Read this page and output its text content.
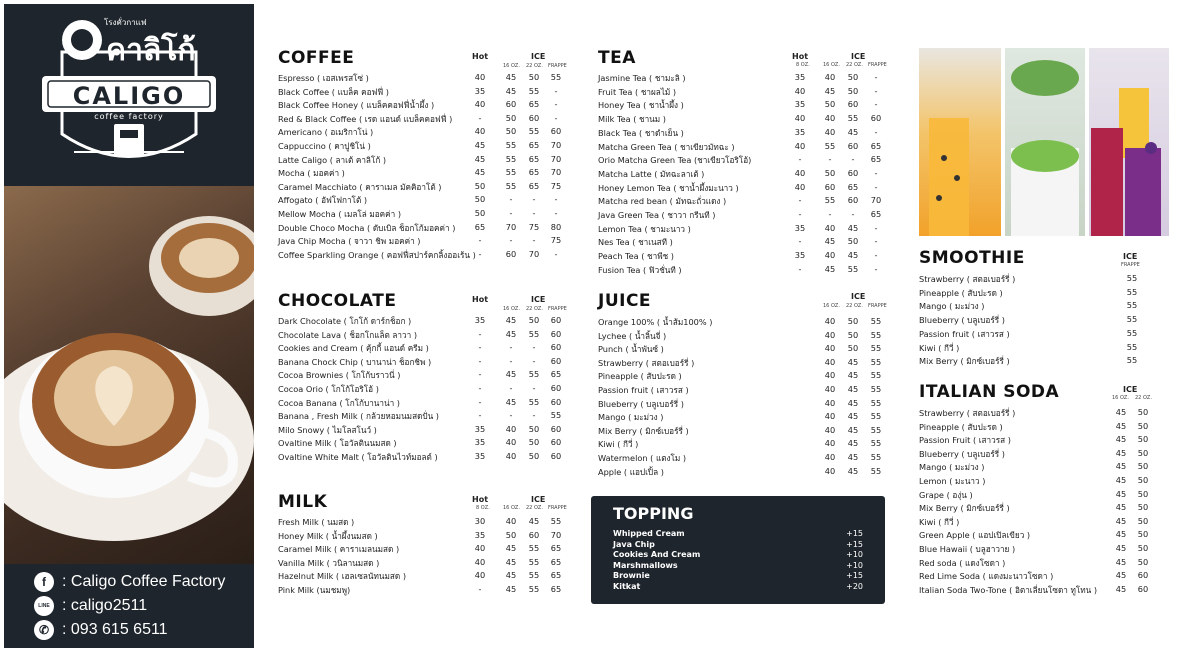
โรงคั่วกาแฟ
คาลิโก้
CALIGO
coffee factory
f	: Caligo Coffee Factory
LINE : caligo2511
✆ : 093 615 6511
COFFEE	Hot	ICE
16 OZ. 22 OZ. FRAPPE
Espresso ( เอสเพรสโซ่ )	40	45	50	55
Black Coffee ( แบล็ค คอฟฟี่ )	35	45	55	-
Black Coffee Honey ( แบล็คคอฟฟี่น้ำผึ้ง )	40	60	65	-
Red & Black Coffee ( เรด แอนด์ แบล็คคอฟฟี่ )	-	50	60	-
Americano ( อเมริกาโน่ )	40	50	55	60
Cappuccino ( คาปูชิโน่ )	45	55	65	70
Latte Caligo ( ลาเต้ คาลิโก้ )	45	55	65	70
Mocha ( มอคค่า )	45	55	65	70
Caramel Macchiato ( คาราเมล มัคคิอาโต้ )	50	55	65	75
Affogato ( อัฟโฟกาโต้ )	50	-	-	-
Mellow Mocha ( เมลโล่ มอคค่า )	50	-	-	-
Double Choco Mocha ( ดับเบิล ช็อกโก้มอคค่า )	65	70	75	80
Java Chip Mocha ( จาวา ชิพ มอคค่า )	-	-	-	75
Coffee Sparkling Orange ( คอฟฟี่สปาร์คกลิ้งออเร้น ) -	60	70	-
CHOCOLATE	Hot	ICE
16 OZ. 22 OZ. FRAPPE
Dark Chocolate ( โกโก้ ดาร์กช็อก )	35	45	50	60
Chocolate Lava ( ช็อกโกแล็ต ลาวา )	-	45	55	60
Cookies and Cream ( คุ้กกี้ แอนด์ ครีม )	-	-	-	60
Banana Chock Chip ( บานาน่า ช็อกชิพ )	-	-	-	60
Cocoa Brownies ( โกโก้บราวนี่ )	-	45	55	65
Cocoa Orio ( โกโก้โอริโอ้ )	-	-	-	60
Cocoa Banana ( โกโก้บานาน่า )	-	45	55	60
Banana , Fresh Milk ( กล้วยหอมนมสดปั่น )	-	-	-	55
Milo Snowy ( ไมโลสโนว์ )	35	40	50	60
Ovaltine Milk ( โอวัลตินนมสด )	35	40	50	60
Ovaltine White Malt ( โอวัลตินไวท์มอลต์ )	35	40	50	60
MILK	Hot
8 OZ.
ICE
16 OZ. 22 OZ. FRAPPE
Fresh Milk ( นมสด )	30	40	45	55
Honey Milk ( น้ำผึ้งนมสด )	35	50	60	70
Caramel Milk ( คาราเมลนมสด )	40	45	55	65
Vanilla Milk ( วนิลานมสด )	40	45	55	65
Hazelnut Milk ( เฮลเซลนัทนมสด )	40	45	55	65
Pink Milk (นมชมพู)	-	45	55	65
TEA	Hot
8 OZ.
ICE
16 OZ. 22 OZ. FRAPPE
Jasmine Tea ( ชามะลิ )	35	40	50	-
Fruit Tea ( ชาผลไม้ )	40	45	50	-
Honey Tea ( ชาน้ำผึ้ง )	35	50	60	-
Milk Tea ( ชานม )	40	40	55	60
Black Tea ( ชาดำเย็น )	35	40	45	-
Matcha Green Tea ( ชาเขียวมัทฉะ )	40	55	60	65
Orio Matcha Green Tea (ชาเขียวโอริโอ้)	-	-	-	65
Matcha Latte ( มัทฉะลาเต้ )	40	50	60	-
Honey Lemon Tea ( ชาน้ำผึ้งมะนาว )	40	60	65	-
Matcha red bean ( มัทฉะถั่วแดง )	-	55	60	70
Java Green Tea ( ชาวา กรีนที )	-	-	-	65
Lemon Tea ( ชามะนาว )	35	40	45	-
Nes Tea ( ชาเนสที )	-	45	50	-
Peach Tea ( ชาพีช )	35	40	45	-
Fusion Tea ( ฟิวชั่นที )	-	45	55	-
JUICE	ICE
16 OZ. 22 OZ. FRAPPE
Orange 100% ( น้ำส้ม100% )	40	50	55
Lychee ( น้ำลิ้นจี่ )	40	50	55
Punch ( น้ำพันซ์ )	40	50	55
Strawberry ( สตอเบอร์รี่ )	40	45	55
Pineapple ( สับปะรด )	40	45	55
Passion fruit ( เสาวรส )	40	45	55
Blueberry ( บลูเบอร์รี่ )	40	45	55
Mango ( มะม่วง )	40	45	55
Mix Berry ( มิกซ์เบอร์รี่ )	40	45	55
Kiwi ( กีวี่ )	40	45	55
Watermelon ( แตงโม )	40	45	55
Apple ( แอปเปิ้ล )	40	45	55
TOPPING
Whipped Cream	+15
Java Chip	+15
Cookies And Cream	+10
Marshmallows	+10
Brownie	+15
Kitkat	+20
SMOOTHIE	ICE
FRAPPE
Strawberry ( สตอเบอร์รี่ )	55
Pineapple ( สับปะรด )	55
Mango ( มะม่วง )	55
Blueberry ( บลูเบอร์รี่ )	55
Passion fruit ( เสาวรส )	55
Kiwi ( กีวี่ )	55
Mix Berry ( มิกซ์เบอร์รี่ )	55
ITALIAN SODA	ICE
16 OZ. 22 OZ.
Strawberry ( สตอเบอร์รี่ )	45	50
Pineapple ( สับปะรด )	45	50
Passion Fruit ( เสาวรส )	45	50
Blueberry ( บลูเบอร์รี่ )	45	50
Mango ( มะม่วง )	45	50
Lemon ( มะนาว )	45	50
Grape ( องุ่น )	45	50
Mix Berry ( มิกซ์เบอร์รี่ )	45	50
Kiwi ( กีวี่ )	45	50
Green Apple ( แอปเปิลเขียว )	45	50
Blue Hawaii ( บลูฮาวาย )	45	50
Red soda ( แดงโซดา )	45	50
Red Lime Soda ( แดงมะนาวโซดา )	45	60
Italian Soda Two-Tone ( อิตาเลี่ยนโซดา ทูโทน )	45	60
